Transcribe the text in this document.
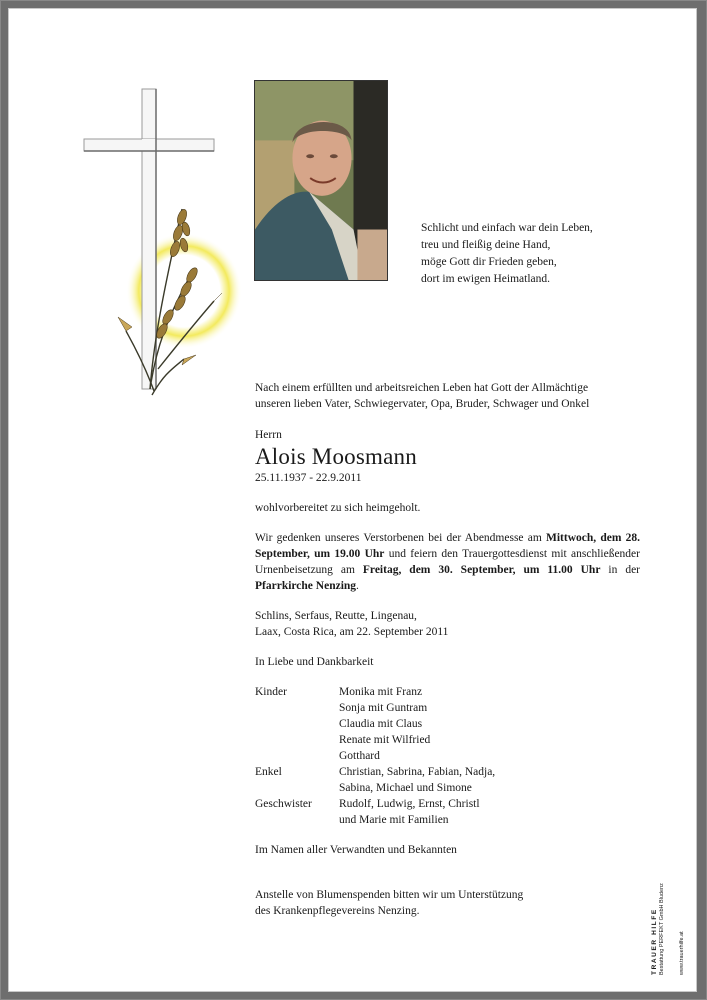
Schlicht und einfach war dein Leben,
treu und fleißig deine Hand,
möge Gott dir Frieden geben,
dort im ewigen Heimatland.
Nach einem erfüllten und arbeitsreichen Leben hat Gott der Allmächtige
unseren lieben Vater, Schwiegervater, Opa, Bruder, Schwager und Onkel
Herrn
Alois Moosmann
25.11.1937 - 22.9.2011
wohlvorbereitet zu sich heimgeholt.
Wir gedenken unseres Verstorbenen bei der Abendmesse am Mittwoch, dem 28. September, um 19.00 Uhr und feiern den Trauergottesdienst mit anschließender Urnenbeisetzung am Freitag, dem 30. September, um 11.00 Uhr in der Pfarrkirche Nenzing.
Schlins, Serfaus, Reutte, Lingenau,
Laax, Costa Rica, am 22. September 2011
In Liebe und Dankbarkeit
Kinder	Monika mit Franz
Sonja mit Guntram
Claudia mit Claus
Renate mit Wilfried
Gotthard
Enkel	Christian, Sabrina, Fabian, Nadja,
Sabina, Michael und Simone
Geschwister	Rudolf, Ludwig, Ernst, Christl
und Marie mit Familien
Im Namen aller Verwandten und Bekannten
Anstelle von Blumenspenden bitten wir um Unterstützung
des Krankenpflegevereins Nenzing.	TRAUER HILFE Bestattung PERFEKT GmbH Bludenz	www.trauerhilfe.at
